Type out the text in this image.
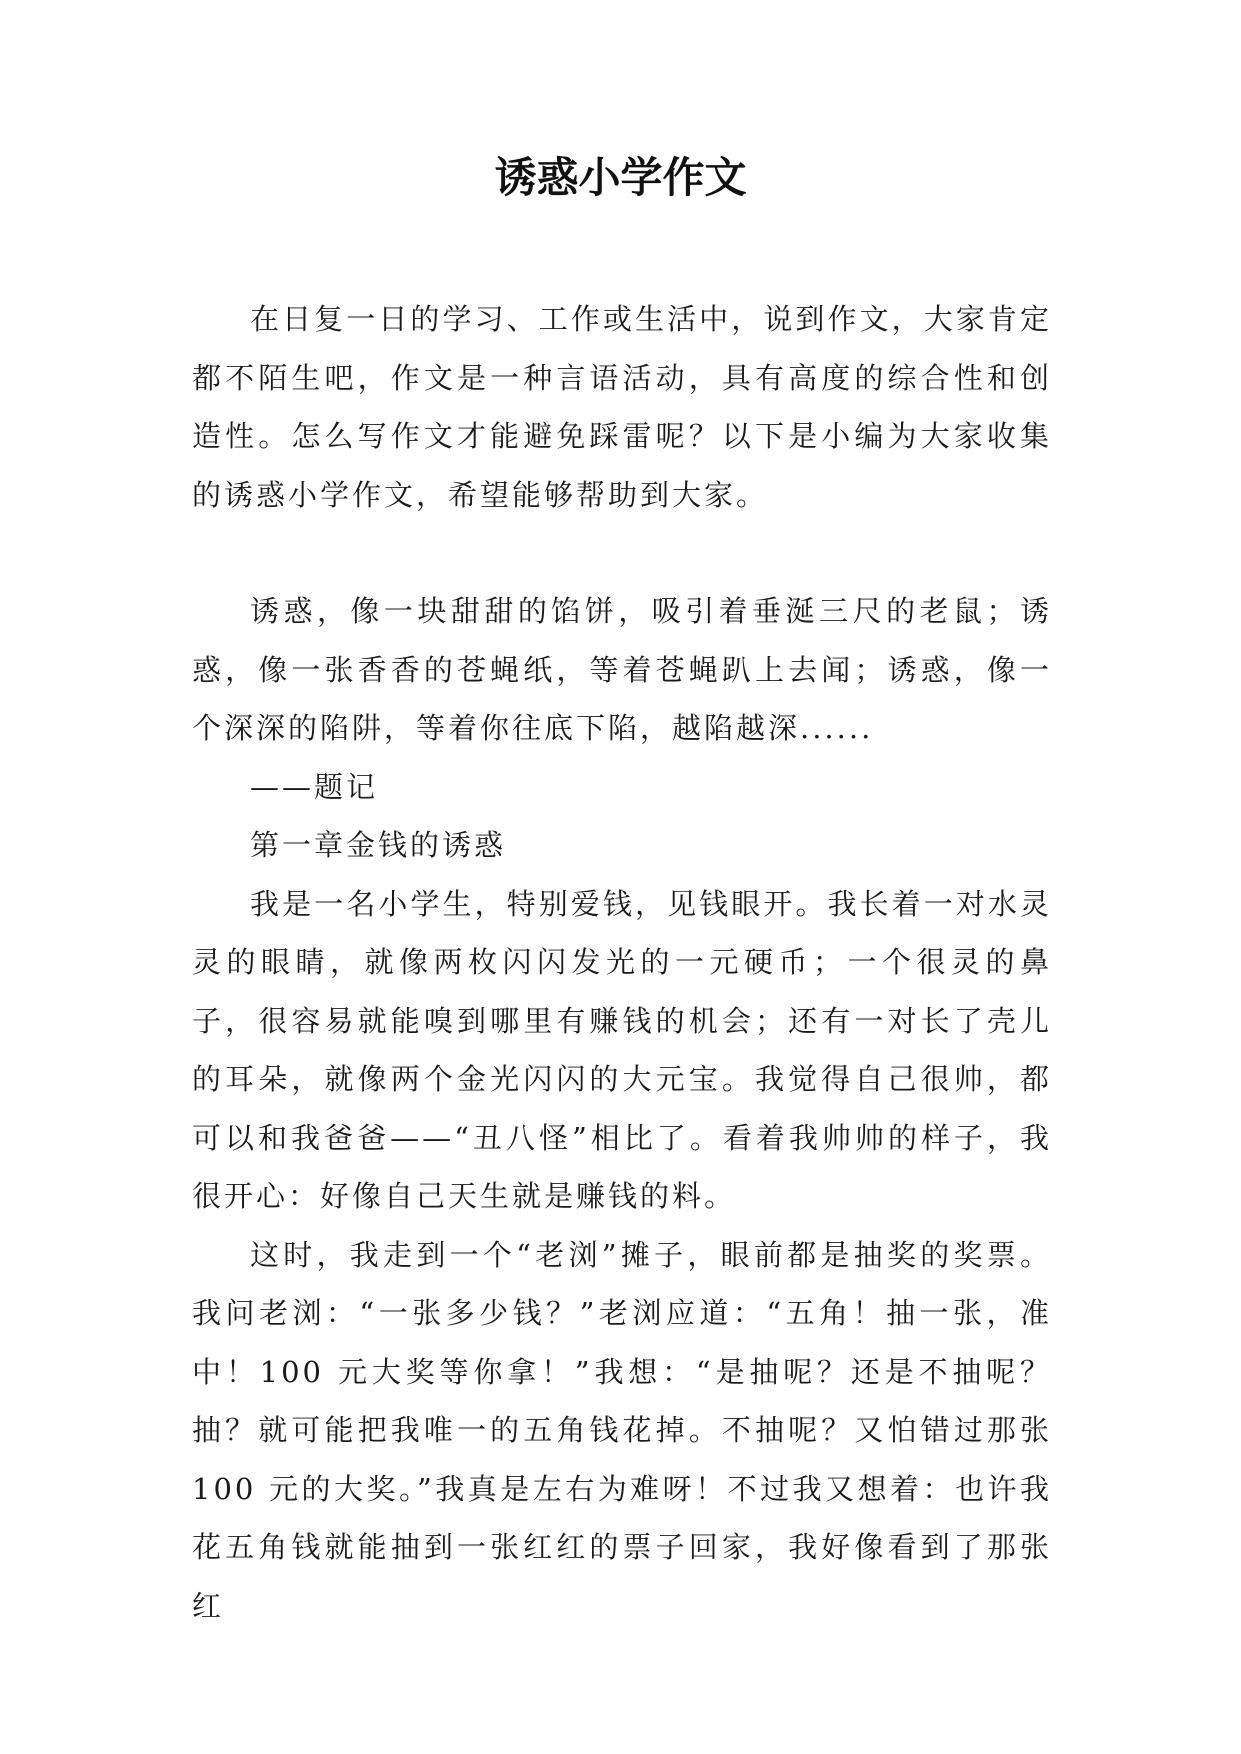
诱惑小学作文

在日复一日的学习、工作或生活中，说到作文，大家肯定都不陌生吧，作文是一种言语活动，具有高度的综合性和创造性。怎么写作文才能避免踩雷呢？以下是小编为大家收集的诱惑小学作文，希望能够帮助到大家。

诱惑，像一块甜甜的馅饼，吸引着垂涎三尺的老鼠；诱惑，像一张香香的苍蝇纸，等着苍蝇趴上去闻；诱惑，像一个深深的陷阱，等着你往底下陷，越陷越深......

——题记

第一章金钱的诱惑

我是一名小学生，特别爱钱，见钱眼开。我长着一对水灵灵的眼睛，就像两枚闪闪发光的一元硬币；一个很灵的鼻子，很容易就能嗅到哪里有赚钱的机会；还有一对长了壳儿的耳朵，就像两个金光闪闪的大元宝。我觉得自己很帅，都可以和我爸爸——“丑八怪”相比了。看着我帅帅的样子，我很开心：好像自己天生就是赚钱的料。

这时，我走到一个“老浏”摊子，眼前都是抽奖的奖票。我问老浏：“一张多少钱？”老浏应道：“五角！抽一张，准中！100 元大奖等你拿！”我想：“是抽呢？还是不抽呢？抽？就可能把我唯一的五角钱花掉。不抽呢？又怕错过那张 100 元的大奖。”我真是左右为难呀！不过我又想着：也许我花五角钱就能抽到一张红红的票子回家，我好像看到了那张红
